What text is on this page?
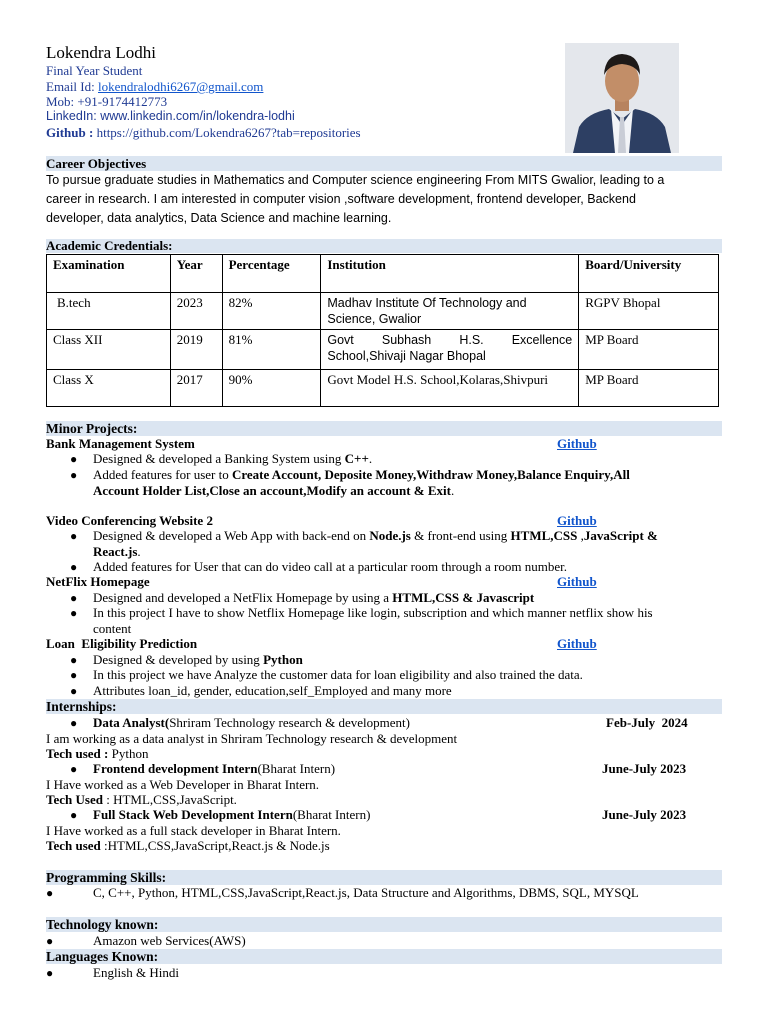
Lokendra Lodhi
Final Year Student
Email Id: lokendralodhi6267@gmail.com
Mob: +91-9174412773
LinkedIn: www.linkedin.com/in/lokendra-lodhi
Github : https://github.com/Lokendra6267?tab=repositories
Career Objectives
To pursue graduate studies in Mathematics and Computer science engineering From MITS Gwalior, leading to a
career in research. I am interested in computer vision ,software development, frontend developer, Backend
developer, data analytics, Data Science and machine learning.
Academic Credentials:
Examination	Year	Percentage	Institution	Board/University
B.tech	2023	82%	Madhav Institute Of Technology and Science, Gwalior	RGPV Bhopal
Class XII	2019	81%	Govt Subhash H.S. Excellence School,Shivaji Nagar Bhopal	MP Board
Class X	2017	90%	Govt Model H.S. School,Kolaras,Shivpuri	MP Board
Minor Projects:
Bank Management System	Github
● Designed & developed a Banking System using C++.
● Added features for user to Create Account, Deposite Money,Withdraw Money,Balance Enquiry,All
Account Holder List,Close an account,Modify an account & Exit.
Video Conferencing Website 2	Github
● Designed & developed a Web App with back-end on Node.js & front-end using HTML,CSS ,JavaScript &
React.js.
● Added features for User that can do video call at a particular room through a room number.
NetFlix Homepage	Github
● Designed and developed a NetFlix Homepage by using a HTML,CSS & Javascript
● In this project I have to show Netflix Homepage like login, subscription and which manner netflix show his
content
Loan  Eligibility Prediction	Github
● Designed & developed by using Python
● In this project we have Analyze the customer data for loan eligibility and also trained the data.
● Attributes loan_id, gender, education,self_Employed and many more
Internships:
● Data Analyst(Shriram Technology research & development)	Feb-July  2024
I am working as a data analyst in Shriram Technology research & development
Tech used : Python
● Frontend development Intern(Bharat Intern)	June-July 2023
I Have worked as a Web Developer in Bharat Intern.
Tech Used : HTML,CSS,JavaScript.
● Full Stack Web Development Intern(Bharat Intern)	June-July 2023
I Have worked as a full stack developer in Bharat Intern.
Tech used :HTML,CSS,JavaScript,React.js & Node.js
Programming Skills:
●	C, C++, Python, HTML,CSS,JavaScript,React.js, Data Structure and Algorithms, DBMS, SQL, MYSQL
Technology known:
●	Amazon web Services(AWS)
Languages Known:
●	English & Hindi
